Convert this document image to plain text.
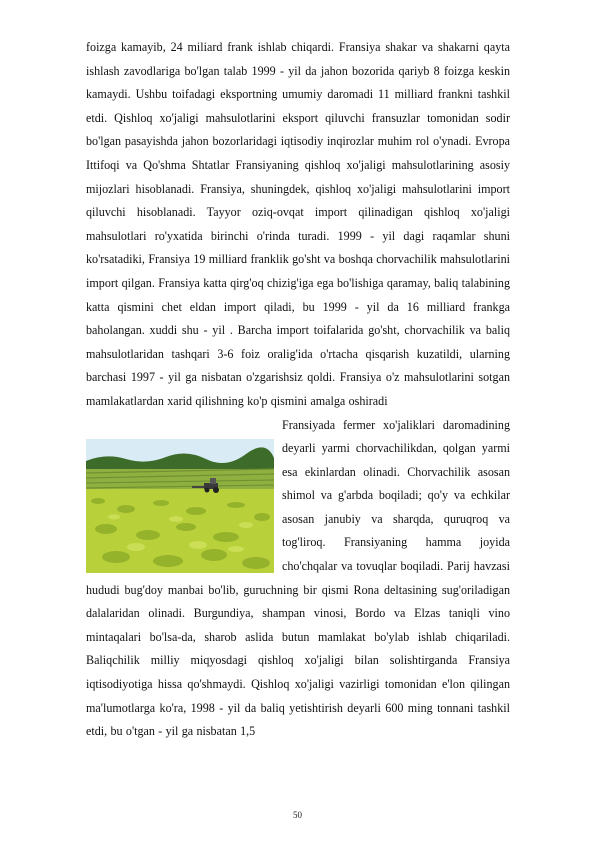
foizga kamayib, 24 miliard frank ishlab chiqardi. Fransiya shakar va shakarni qayta ishlash zavodlariga bo'lgan talab 1999 - yil da jahon bozorida qariyb 8 foizga keskin kamaydi. Ushbu toifadagi eksportning umumiy daromadi 11 milliard frankni tashkil etdi. Qishloq xo'jaligi mahsulotlarini eksport qiluvchi fransuzlar tomonidan sodir bo'lgan pasayishda jahon bozorlaridagi iqtisodiy inqirozlar muhim rol o'ynadi. Evropa Ittifoqi va Qo'shma Shtatlar Fransiyaning qishloq xo'jaligi mahsulotlarining asosiy mijozlari hisoblanadi. Fransiya, shuningdek, qishloq xo'jaligi mahsulotlarini import qiluvchi hisoblanadi. Tayyor oziq-ovqat import qilinadigan qishloq xo'jaligi mahsulotlari ro'yxatida birinchi o'rinda turadi. 1999 - yil dagi raqamlar shuni ko'rsatadiki, Fransiya 19 milliard franklik go'sht va boshqa chorvachilik mahsulotlarini import qilgan. Fransiya katta qirg'oq chizig'iga ega bo'lishiga qaramay, baliq talabining katta qismini chet eldan import qiladi, bu 1999 - yil da 16 milliard frankga baholangan. xuddi shu - yil . Barcha import toifalarida go'sht, chorvachilik va baliq mahsulotlaridan tashqari 3-6 foiz oralig'ida o'rtacha qisqarish kuzatildi, ularning barchasi 1997 - yil ga nisbatan o'zgarishsiz qoldi. Fransiya o'z mahsulotlarini sotgan mamlakatlardan xarid qilishning ko'p qismini amalga oshiradi

Fransiyada fermer xo'jaliklari daromadining deyarli yarmi chorvachilikdan, qolgan yarmi esa ekinlardan olinadi. Chorvachilik asosan shimol va g'arbda boqiladi; qo'y va echkilar asosan janubiy va sharqda, quruqroq va tog'liroq. Fransiyaning hamma joyida cho'chqalar va tovuqlar boqiladi. Parij havzasi hududi bug'doy manbai bo'lib, guruchning bir qismi Rona deltasining sug'oriladigan dalalaridan olinadi. Burgundiya, shampan vinosi, Bordo va Elzas taniqli vino mintaqalari bo'lsa-da, sharob aslida butun mamlakat bo'ylab ishlab chiqariladi. Baliqchilik milliy miqyosdagi qishloq xo'jaligi bilan solishtirganda Fransiya iqtisodiyotiga hissa qo'shmaydi. Qishloq xo'jaligi vazirligi tomonidan e'lon qilingan ma'lumotlarga ko'ra, 1998 - yil da baliq yetishtirish deyarli 600 ming tonnani tashkil etdi, bu o'tgan - yil ga nisbatan 1,5

50
